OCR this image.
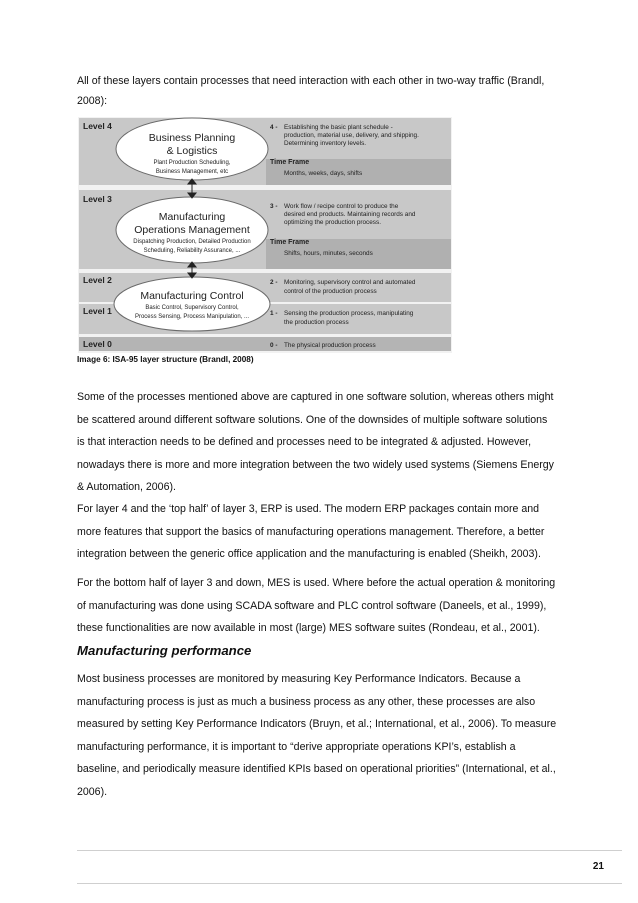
All of these layers contain processes that need interaction with each other in two-way traffic (Brandl, 2008):

Level 4
Level 3
Level 2
Level 1
Level 0
Business Planning
& Logistics
Plant Production Scheduling,
Business Management, etc
Manufacturing
Operations Management
Dispatching Production, Detailed Production
Scheduling, Reliability Assurance, ...
Manufacturing Control
Basic Control, Supervisory Control,
Process Sensing, Process Manipulation, ...
4 - Establishing the basic plant schedule -
production, material use, delivery, and shipping.
Determining inventory levels.
Time Frame
Months, weeks, days, shifts
3 - Work flow / recipe control to produce the
desired end products. Maintaining records and
optimizing the production process.
Time Frame
Shifts, hours, minutes, seconds
2 - Monitoring, supervisory control and automated
control of the production process
1 - Sensing the production process, manipulating
the production process
0 - The physical production process

Image 6: ISA-95 layer structure (Brandl, 2008)

Some of the processes mentioned above are captured in one software solution, whereas others might be scattered around different software solutions. One of the downsides of multiple software solutions is that interaction needs to be defined and processes need to be integrated & adjusted. However, nowadays there is more and more integration between the two widely used systems (Siemens Energy & Automation, 2006).

For layer 4 and the ‘top half’ of layer 3, ERP is used. The modern ERP packages contain more and more features that support the basics of manufacturing operations management. Therefore, a better integration between the generic office application and the manufacturing is enabled (Sheikh, 2003).

For the bottom half of layer 3 and down, MES is used. Where before the actual operation & monitoring of manufacturing was done using SCADA software and PLC control software (Daneels, et al., 1999), these functionalities are now available in most (large) MES software suites (Rondeau, et al., 2001).

Manufacturing performance

Most business processes are monitored by measuring Key Performance Indicators. Because a manufacturing process is just as much a business process as any other, these processes are also measured by setting Key Performance Indicators (Bruyn, et al.; International, et al., 2006). To measure manufacturing performance, it is important to “derive appropriate operations KPI’s, establish a baseline, and periodically measure identified KPIs based on operational priorities” (International, et al., 2006).

21
